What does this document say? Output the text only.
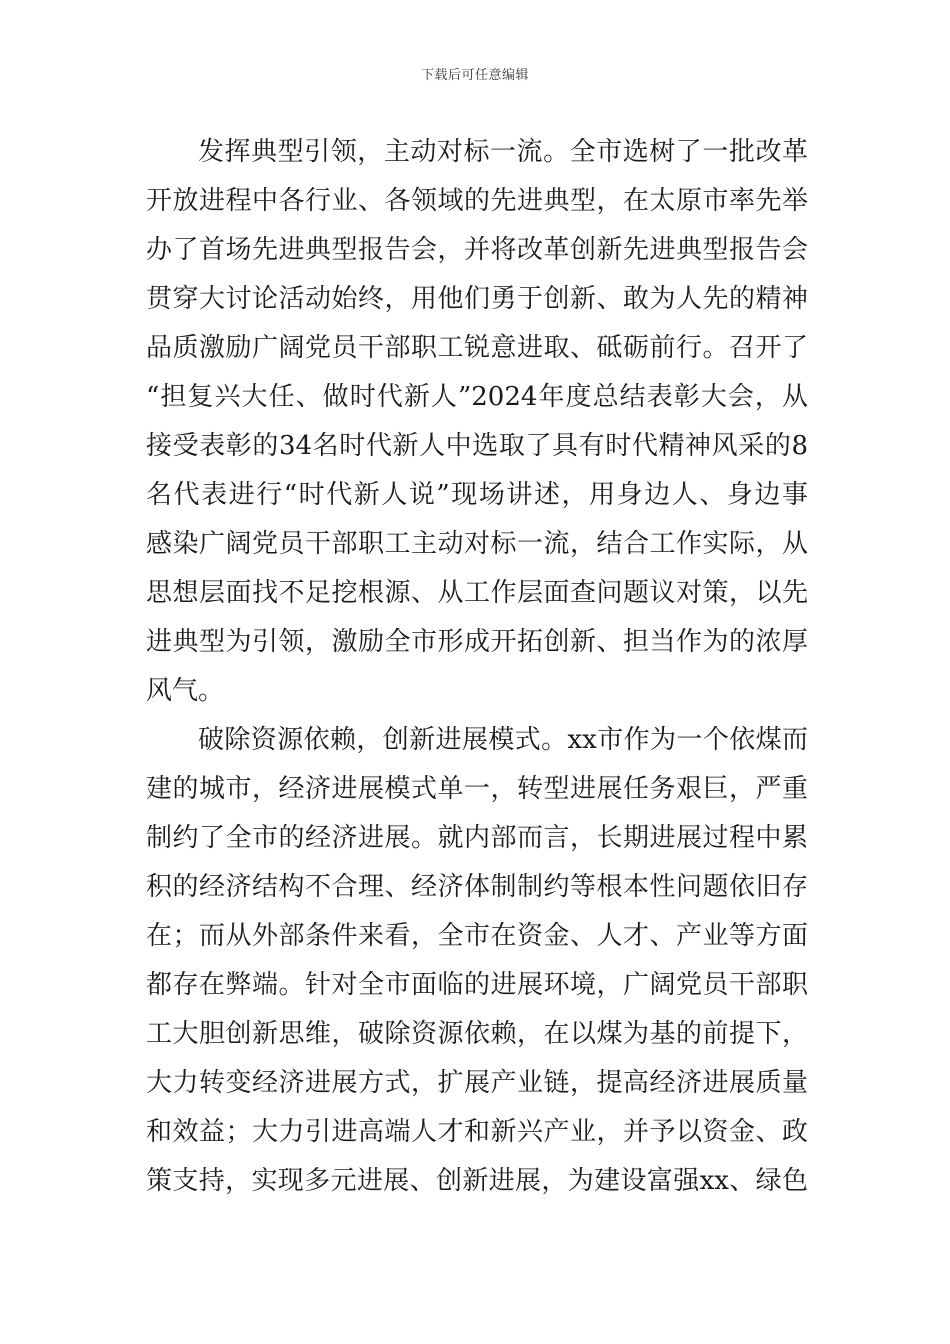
下载后可任意编辑
发挥典型引领，主动对标一流。全市选树了一批改革
开放进程中各行业、各领域的先进典型，在太原市率先举
办了首场先进典型报告会，并将改革创新先进典型报告会
贯穿大讨论活动始终，用他们勇于创新、敢为人先的精神
品质激励广阔党员干部职工锐意进取、砥砺前行。召开了
“担复兴大任、做时代新人”2024年度总结表彰大会，从
接受表彰的34名时代新人中选取了具有时代精神风采的8
名代表进行“时代新人说”现场讲述，用身边人、身边事
感染广阔党员干部职工主动对标一流，结合工作实际，从
思想层面找不足挖根源、从工作层面查问题议对策，以先
进典型为引领，激励全市形成开拓创新、担当作为的浓厚
风气。
破除资源依赖，创新进展模式。xx市作为一个依煤而
建的城市，经济进展模式单一，转型进展任务艰巨，严重
制约了全市的经济进展。就内部而言，长期进展过程中累
积的经济结构不合理、经济体制制约等根本性问题依旧存
在；而从外部条件来看，全市在资金、人才、产业等方面
都存在弊端。针对全市面临的进展环境，广阔党员干部职
工大胆创新思维，破除资源依赖，在以煤为基的前提下，
大力转变经济进展方式，扩展产业链，提高经济进展质量
和效益；大力引进高端人才和新兴产业，并予以资金、政
策支持，实现多元进展、创新进展，为建设富强xx、绿色
